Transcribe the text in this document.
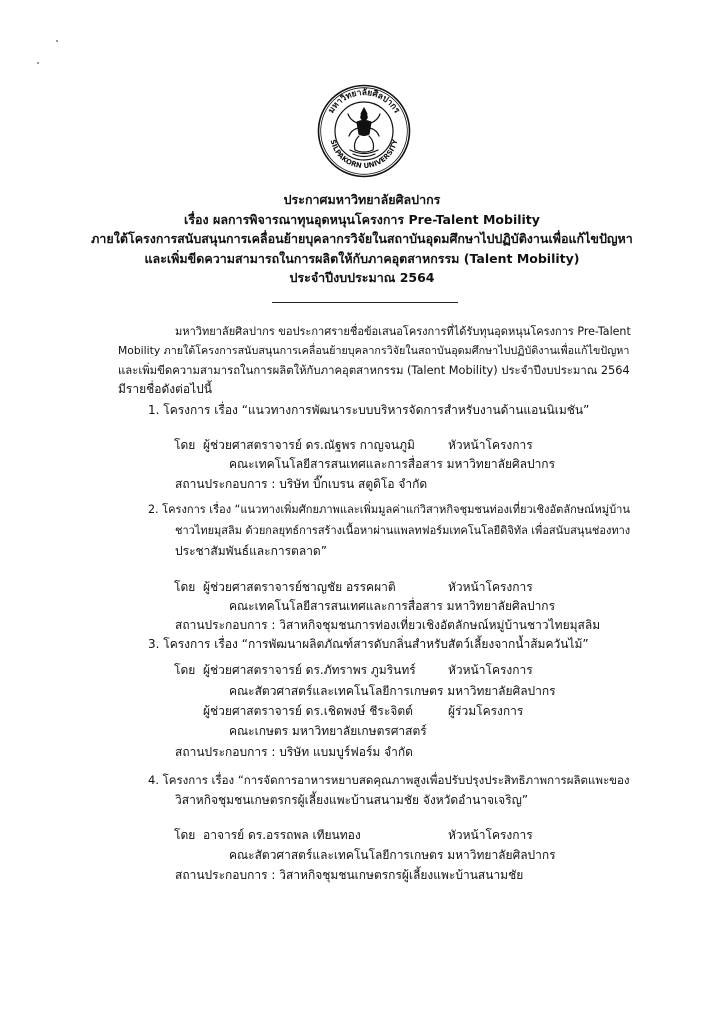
มหาวิทยาลัยศิลปากร
SILPAKORN UNIVERSITY
ประกาศมหาวิทยาลัยศิลปากร
เรื่อง ผลการพิจารณาทุนอุดหนุนโครงการ Pre-Talent Mobility
ภายใต้โครงการสนับสนุนการเคลื่อนย้ายบุคลากรวิจัยในสถาบันอุดมศึกษาไปปฏิบัติงานเพื่อแก้ไขปัญหา
และเพิ่มขีดความสามารถในการผลิตให้กับภาคอุตสาหกรรม (Talent Mobility)
ประจำปีงบประมาณ 2564
มหาวิทยาลัยศิลปากร ขอประกาศรายชื่อข้อเสนอโครงการที่ได้รับทุนอุดหนุนโครงการ Pre-Talent
Mobility ภายใต้โครงการสนับสนุนการเคลื่อนย้ายบุคลากรวิจัยในสถาบันอุดมศึกษาไปปฏิบัติงานเพื่อแก้ไขปัญหา
และเพิ่มขีดความสามารถในการผลิตให้กับภาคอุตสาหกรรม (Talent Mobility) ประจำปีงบประมาณ 2564
มีรายชื่อดังต่อไปนี้
1. โครงการ เรื่อง “แนวทางการพัฒนาระบบบริหารจัดการสำหรับงานด้านแอนนิเมชัน”
โดย ผู้ช่วยศาสตราจารย์ ดร.ณัฐพร กาญจนภูมิ	หัวหน้าโครงการ
คณะเทคโนโลยีสารสนเทศและการสื่อสาร มหาวิทยาลัยศิลปากร
สถานประกอบการ : บริษัท บิ๊กเบรน สตูดิโอ จำกัด
2. โครงการ เรื่อง “แนวทางเพิ่มศักยภาพและเพิ่มมูลค่าแก่วิสาหกิจชุมชนท่องเที่ยวเชิงอัตลักษณ์หมู่บ้าน
ชาวไทยมุสลิม ด้วยกลยุทธ์การสร้างเนื้อหาผ่านแพลทฟอร์มเทคโนโลยีดิจิทัล เพื่อสนับสนุนช่องทาง
ประชาสัมพันธ์และการตลาด”
โดย ผู้ช่วยศาสตราจารย์ชาญชัย อรรคผาติ	หัวหน้าโครงการ
คณะเทคโนโลยีสารสนเทศและการสื่อสาร มหาวิทยาลัยศิลปากร
สถานประกอบการ : วิสาหกิจชุมชนการท่องเที่ยวเชิงอัตลักษณ์หมู่บ้านชาวไทยมุสลิม
3. โครงการ เรื่อง “การพัฒนาผลิตภัณฑ์สารดับกลิ่นสำหรับสัตว์เลี้ยงจากน้ำส้มควันไม้”
โดย ผู้ช่วยศาสตราจารย์ ดร.ภัทราพร ภูมรินทร์	หัวหน้าโครงการ
คณะสัตวศาสตร์และเทคโนโลยีการเกษตร มหาวิทยาลัยศิลปากร
ผู้ช่วยศาสตราจารย์ ดร.เชิดพงษ์ ชีระจิตต์	ผู้ร่วมโครงการ
คณะเกษตร มหาวิทยาลัยเกษตรศาสตร์
สถานประกอบการ : บริษัท แบมบูร์ฟอร์ม จำกัด
4. โครงการ เรื่อง “การจัดการอาหารหยาบสดคุณภาพสูงเพื่อปรับปรุงประสิทธิภาพการผลิตแพะของ
วิสาหกิจชุมชนเกษตรกรผู้เลี้ยงแพะบ้านสนามชัย จังหวัดอำนาจเจริญ”
โดย อาจารย์ ดร.อรรถพล เทียนทอง	หัวหน้าโครงการ
คณะสัตวศาสตร์และเทคโนโลยีการเกษตร มหาวิทยาลัยศิลปากร
สถานประกอบการ : วิสาหกิจชุมชนเกษตรกรผู้เลี้ยงแพะบ้านสนามชัย
